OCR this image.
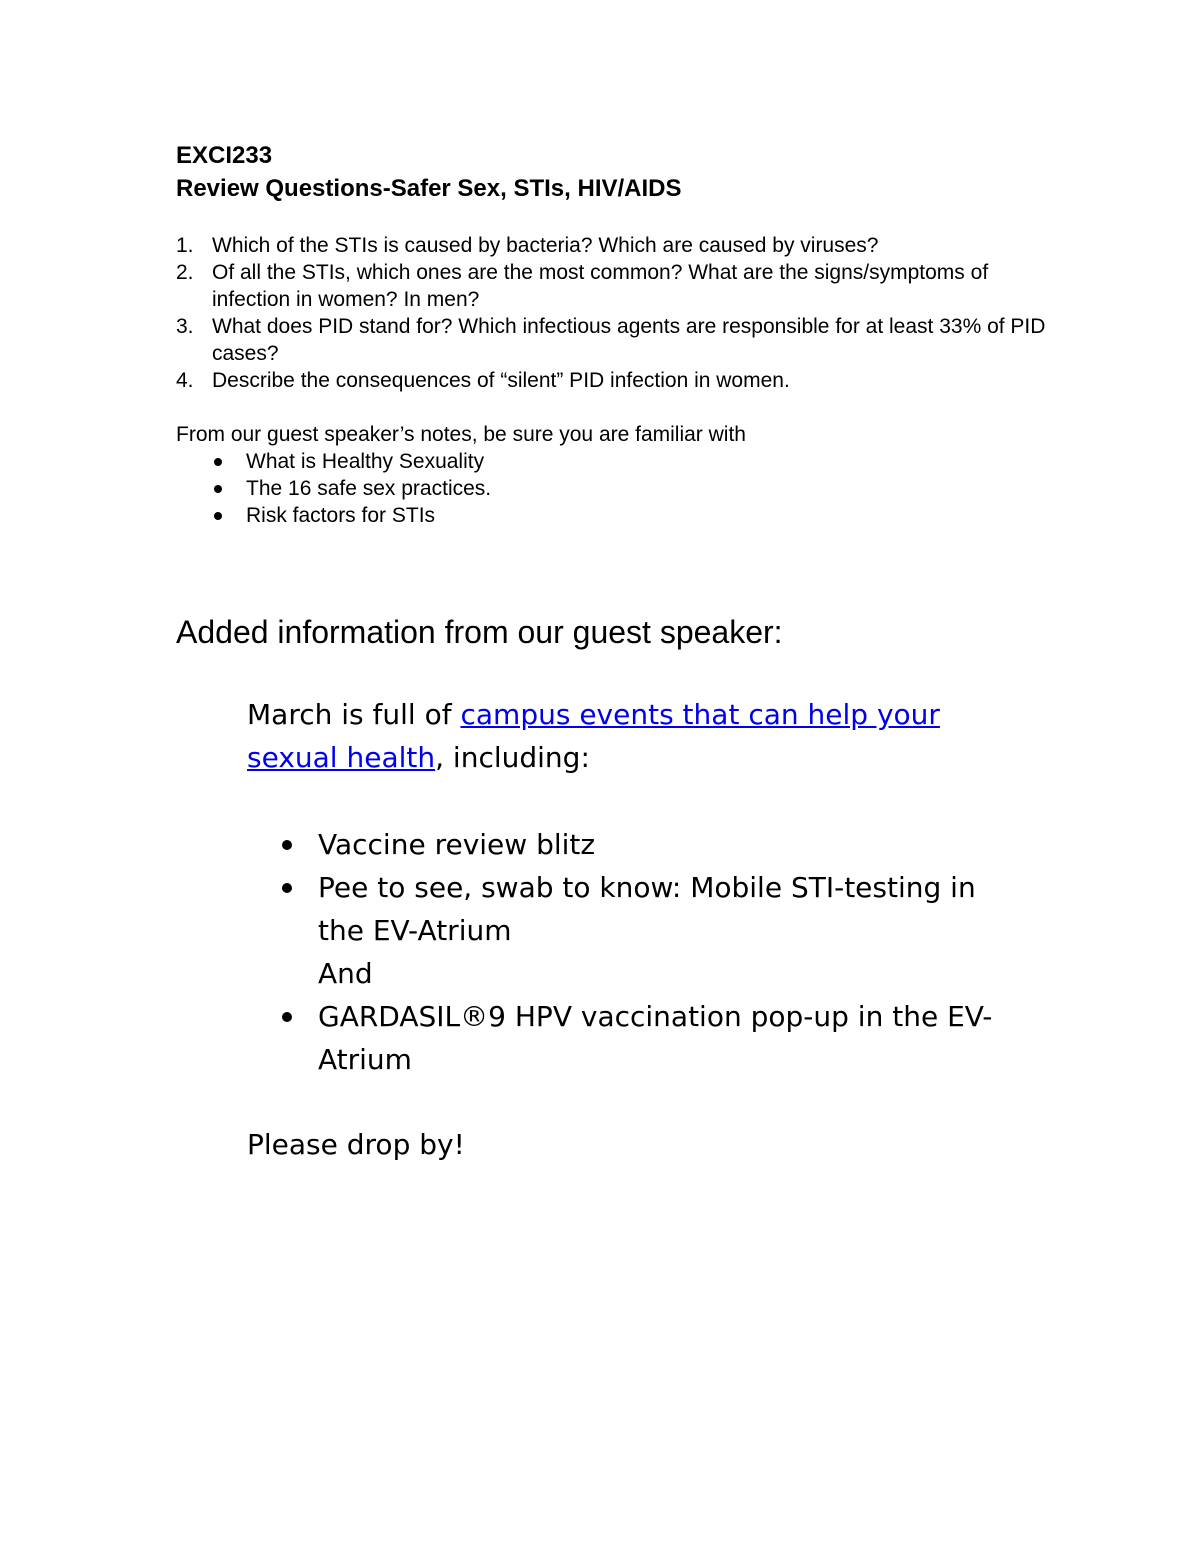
EXCI233
Review Questions-Safer Sex, STIs, HIV/AIDS
1. Which of the STIs is caused by bacteria? Which are caused by viruses?
2. Of all the STIs, which ones are the most common? What are the signs/symptoms of infection in women? In men?
3. What does PID stand for? Which infectious agents are responsible for at least 33% of PID cases?
4. Describe the consequences of “silent” PID infection in women.
From our guest speaker’s notes, be sure you are familiar with
What is Healthy Sexuality
The 16 safe sex practices.
Risk factors for STIs
Added information from our guest speaker:
March is full of campus events that can help your sexual health, including:
Vaccine review blitz
Pee to see, swab to know: Mobile STI-testing in the EV-Atrium
And
GARDASIL®9 HPV vaccination pop-up in the EV-Atrium
Please drop by!
